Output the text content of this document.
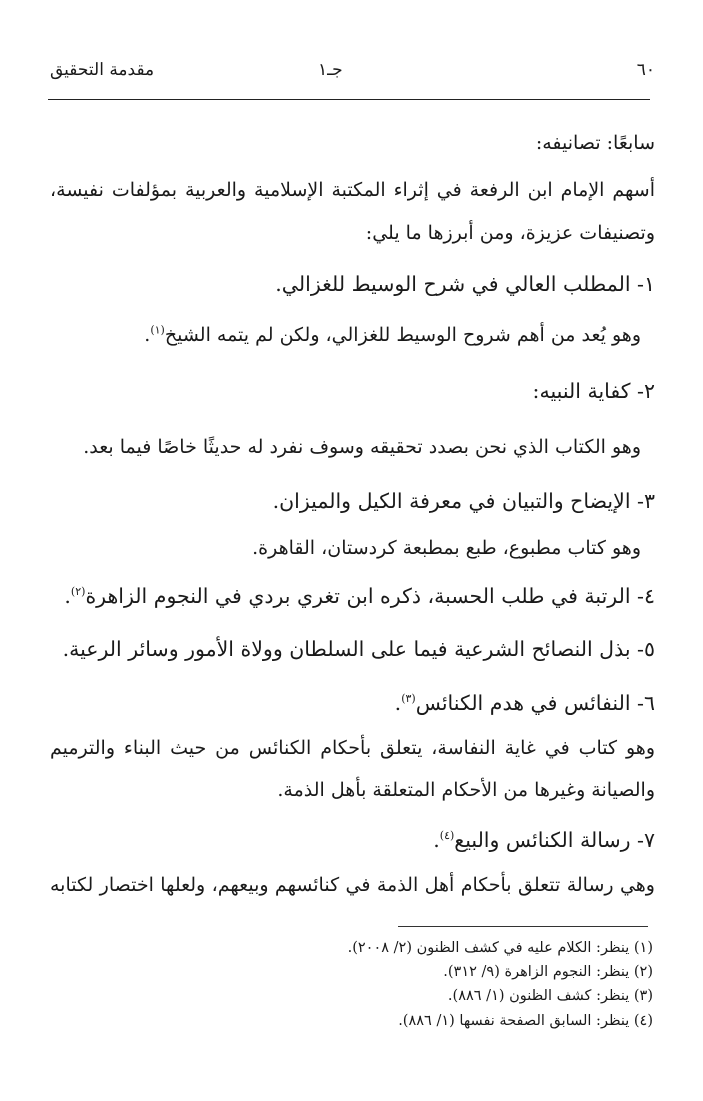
٦٠
جـ١
مقدمة التحقيق
سابعًا: تصانيفه:
أسهم الإمام ابن الرفعة في إثراء المكتبة الإسلامية والعربية بمؤلفات نفيسة،
وتصنيفات عزيزة، ومن أبرزها ما يلي:
١- المطلب العالي في شرح الوسيط للغزالي.
وهو يُعد من أهم شروح الوسيط للغزالي، ولكن لم يتمه الشيخ$^{(١)}$.
٢- كفاية النبيه:
وهو الكتاب الذي نحن بصدد تحقيقه وسوف نفرد له حديثًا خاصًا فيما بعد.
٣- الإيضاح والتبيان في معرفة الكيل والميزان.
وهو كتاب مطبوع، طبع بمطبعة كردستان، القاهرة.
٤- الرتبة في طلب الحسبة، ذكره ابن تغري بردي في النجوم الزاهرة$^{(٢)}$.
٥- بذل النصائح الشرعية فيما على السلطان وولاة الأمور وسائر الرعية.
٦- النفائس في هدم الكنائس$^{(٣)}$.
وهو كتاب في غاية النفاسة، يتعلق بأحكام الكنائس من حيث البناء والترميم
والصيانة وغيرها من الأحكام المتعلقة بأهل الذمة.
٧- رسالة الكنائس والبيع$^{(٤)}$.
وهي رسالة تتعلق بأحكام أهل الذمة في كنائسهم وبيعهم، ولعلها اختصار لكتابه
(١) ينظر: الكلام عليه في كشف الظنون (٢/ ٢٠٠٨).
(٢) ينظر: النجوم الزاهرة (٩/ ٣١٢).
(٣) ينظر: كشف الظنون (١/ ٨٨٦).
(٤) ينظر: السابق الصفحة نفسها (١/ ٨٨٦).
